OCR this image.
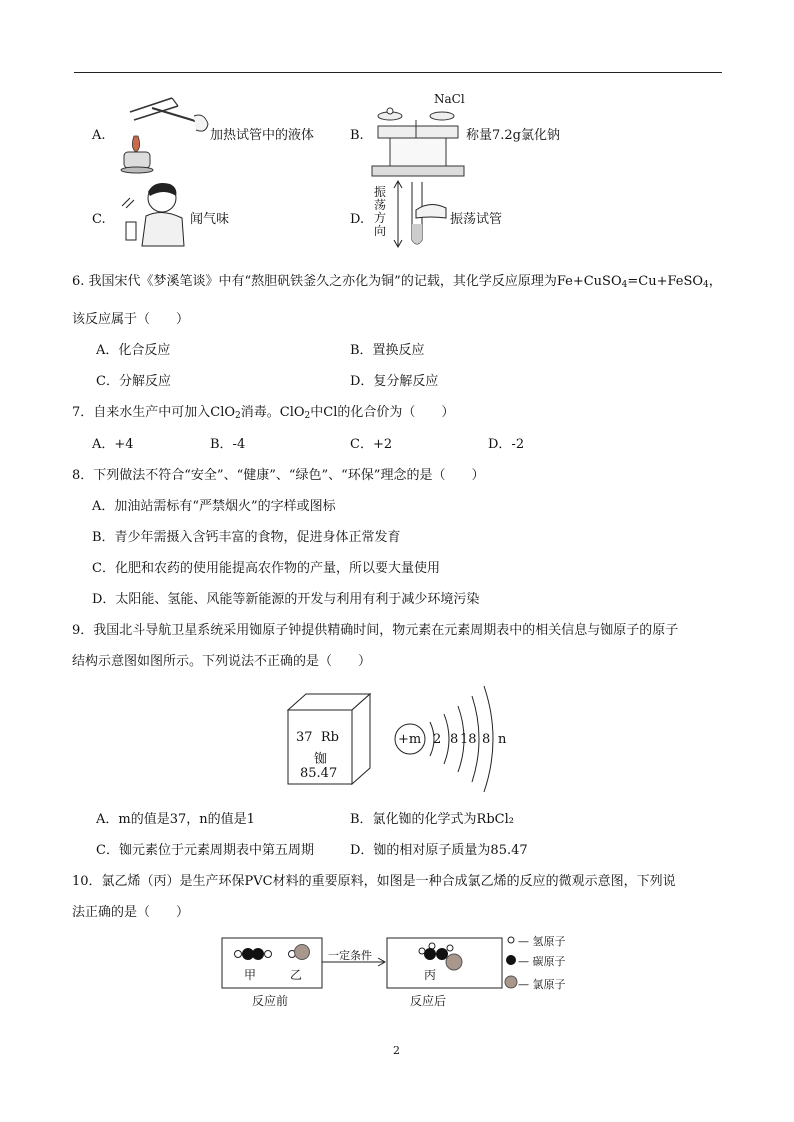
A.	加热试管中的液体	B.
NaCl
称量7.2g氯化钠
C.	闻气味	D.
振荡方向
振荡试管
6. 我国宋代《梦溪笔谈》中有“熬胆矾铁釜久之亦化为铜”的记载，其化学反应原理为Fe+CuSO$_4$=Cu+FeSO$_4$，
该反应属于（　　）
A．化合反应	B．置换反应
C．分解反应	D．复分解反应
7．自来水生产中可加入ClO$_2$消毒。ClO$_2$中Cl的化合价为（　　）
A．+4	B．-4	C．+2	D．-2
8．下列做法不符合“安全”、“健康”、“绿色”、“环保”理念的是（　　）
A．加油站需标有“严禁烟火”的字样或图标
B．青少年需摄入含钙丰富的食物，促进身体正常发育
C．化肥和农药的使用能提高农作物的产量，所以要大量使用
D．太阳能、氢能、风能等新能源的开发与利用有利于减少环境污染
9．我国北斗导航卫星系统采用铷原子钟提供精确时间，物元素在元素周期表中的相关信息与铷原子的原子
结构示意图如图所示。下列说法不正确的是（　　）
37 Rb
铷
85.47
+m 2 8 18 8 n
A．m的值是37，n的值是1	B．氯化铷的化学式为RbCl₂
C．铷元素位于元素周期表中第五周期	D．铷的相对原子质量为85.47
10．氯乙烯（丙）是生产环保PVC材料的重要原料，如图是一种合成氯乙烯的反应的微观示意图，下列说
法正确的是（　　）
甲	乙
一定条件
丙
反应前	反应后
— 氢原子
— 碳原子
— 氯原子
2
